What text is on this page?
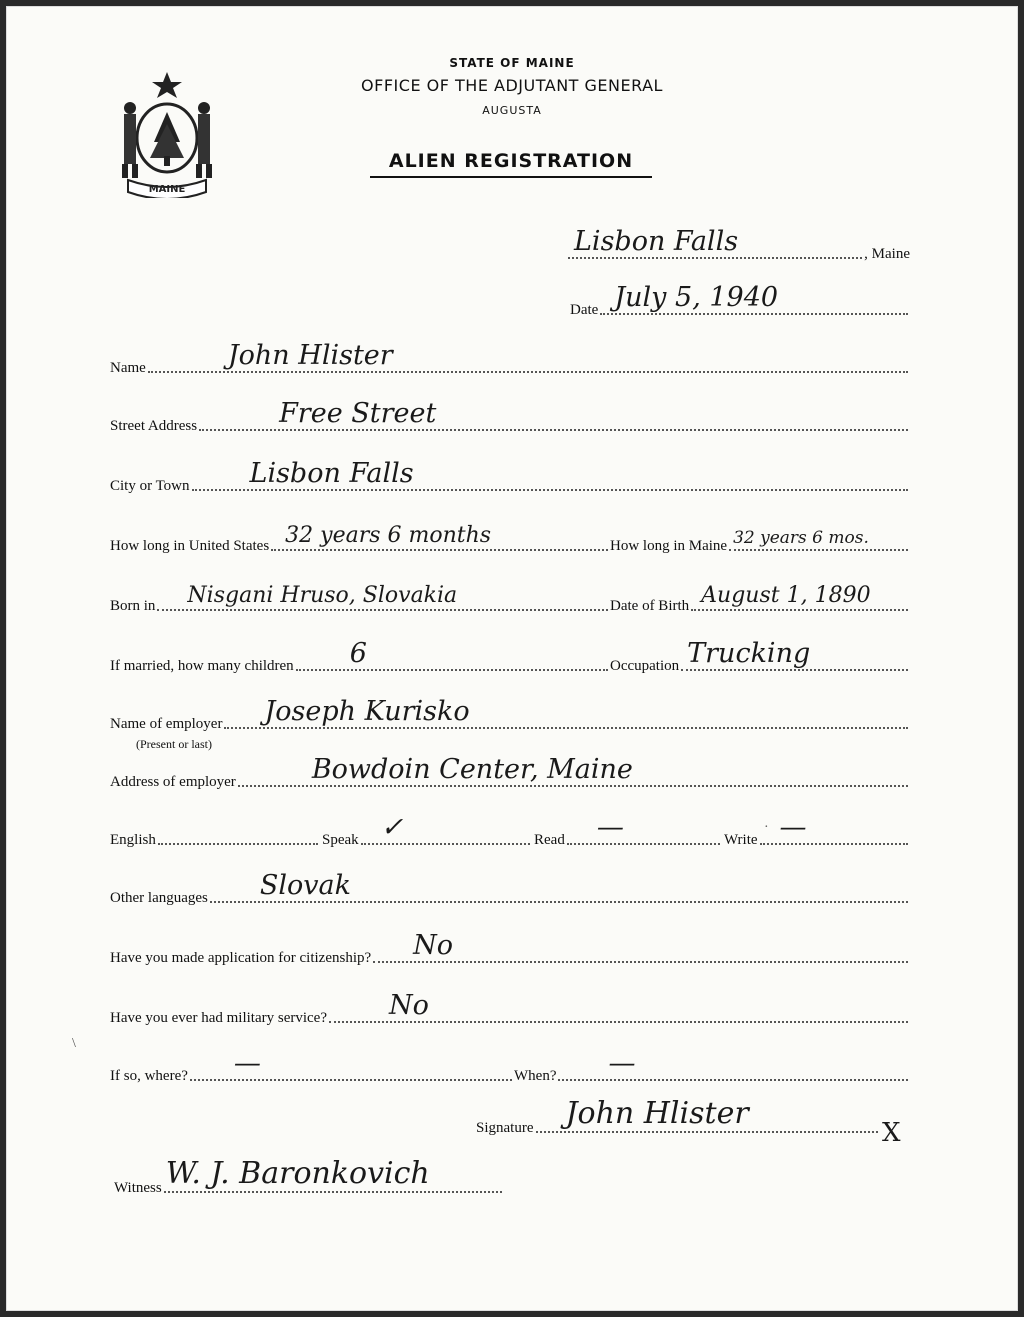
MAINE
STATE OF MAINE
OFFICE OF THE ADJUTANT GENERAL
AUGUSTA
ALIEN REGISTRATION
Lisbon Falls	, Maine
Date July 5, 1940
Name	John Hlister
Street Address	Free Street
City or Town Lisbon Falls
How long in United States 32 years 6 months	How long in Maine 32 years 6 mos.
Born in Nisgani Hruso, Slovakia	Date of Birth August 1, 1890
If married, how many children 6	Occupation Trucking
Name of employer Joseph Kurisko
(Present or last)
Address of employer	Bowdoin Center, Maine
English	Speak ✓	Read —	Write —
Other languages Slovak
Have you made application for citizenship? No
Have you ever had military service? No
If so, where? —	When? —
Signature John Hlister
X
Witness W. J. Baronkovich
\
·
